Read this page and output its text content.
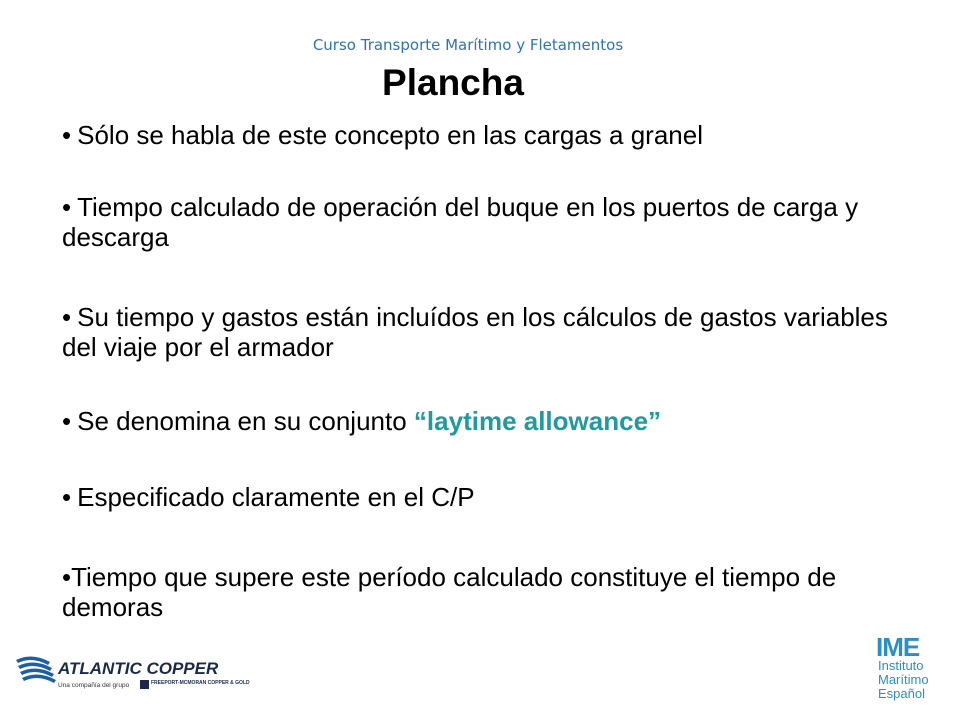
Curso Transporte Marítimo y Fletamentos
Plancha
• Sólo se habla de este concepto en las cargas a granel
• Tiempo calculado de operación del buque en los puertos de carga y descarga
• Su tiempo y gastos están incluídos en los cálculos de gastos variables del viaje por el armador
• Se denomina en su conjunto “laytime allowance”
• Especificado claramente en el C/P
•Tiempo que supere este período calculado constituye el tiempo de demoras
ATLANTIC COPPER
Una compañía del grupo	FREEPORT-MCMORAN COPPER & GOLD
IME
Instituto
Marítimo
Español
